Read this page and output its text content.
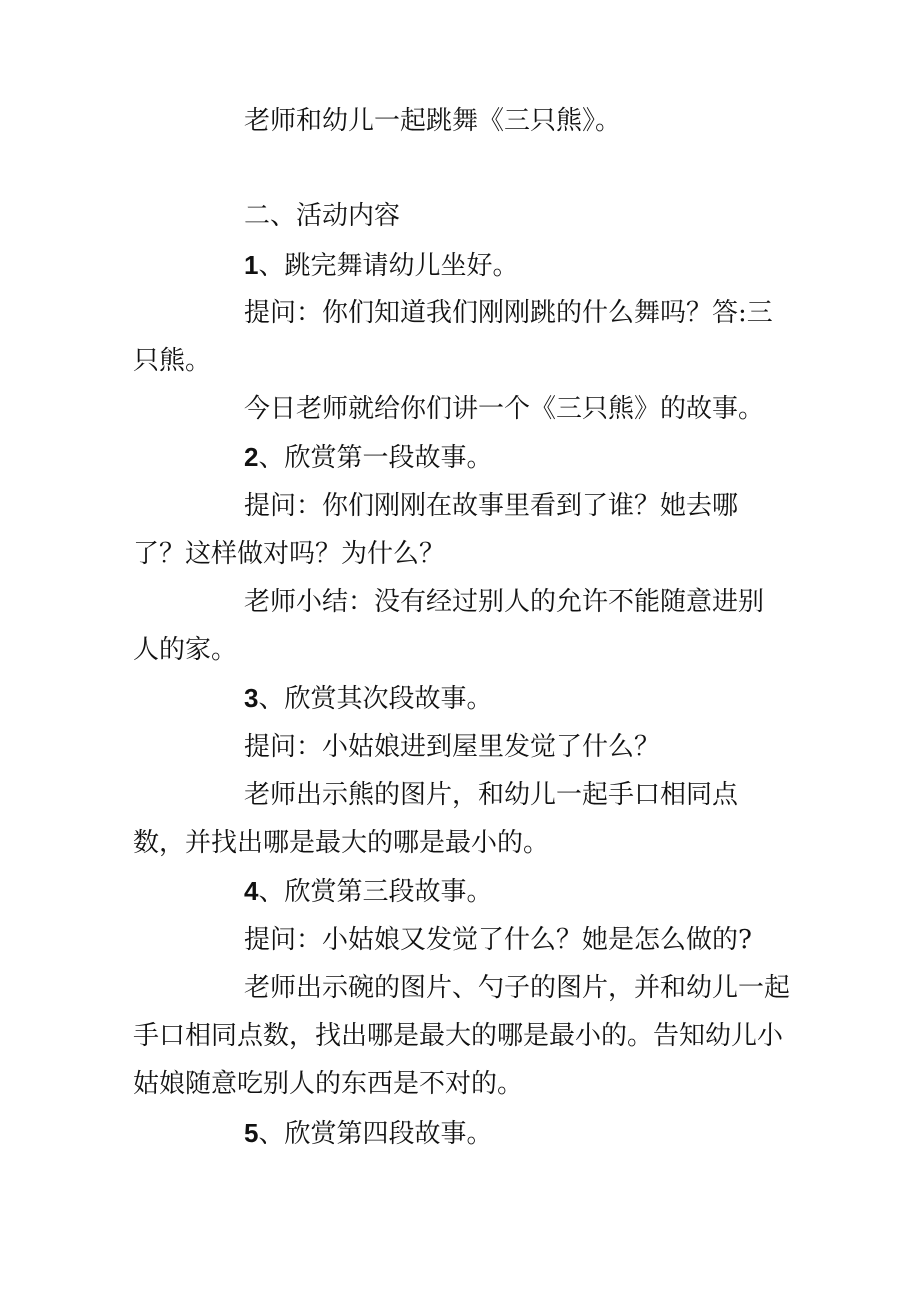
老师和幼儿一起跳舞《三只熊》。

二、活动内容

1、跳完舞请幼儿坐好。

提问：你们知道我们刚刚跳的什么舞吗？答:三

只熊。

今日老师就给你们讲一个《三只熊》的故事。

2、欣赏第一段故事。

提问：你们刚刚在故事里看到了谁？她去哪

了？这样做对吗？为什么？

老师小结：没有经过别人的允许不能随意进别

人的家。

3、欣赏其次段故事。

提问：小姑娘进到屋里发觉了什么？

老师出示熊的图片，和幼儿一起手口相同点

数，并找出哪是最大的哪是最小的。

4、欣赏第三段故事。

提问：小姑娘又发觉了什么？她是怎么做的?

老师出示碗的图片、勺子的图片，并和幼儿一起

手口相同点数，找出哪是最大的哪是最小的。告知幼儿小

姑娘随意吃别人的东西是不对的。

5、欣赏第四段故事。
